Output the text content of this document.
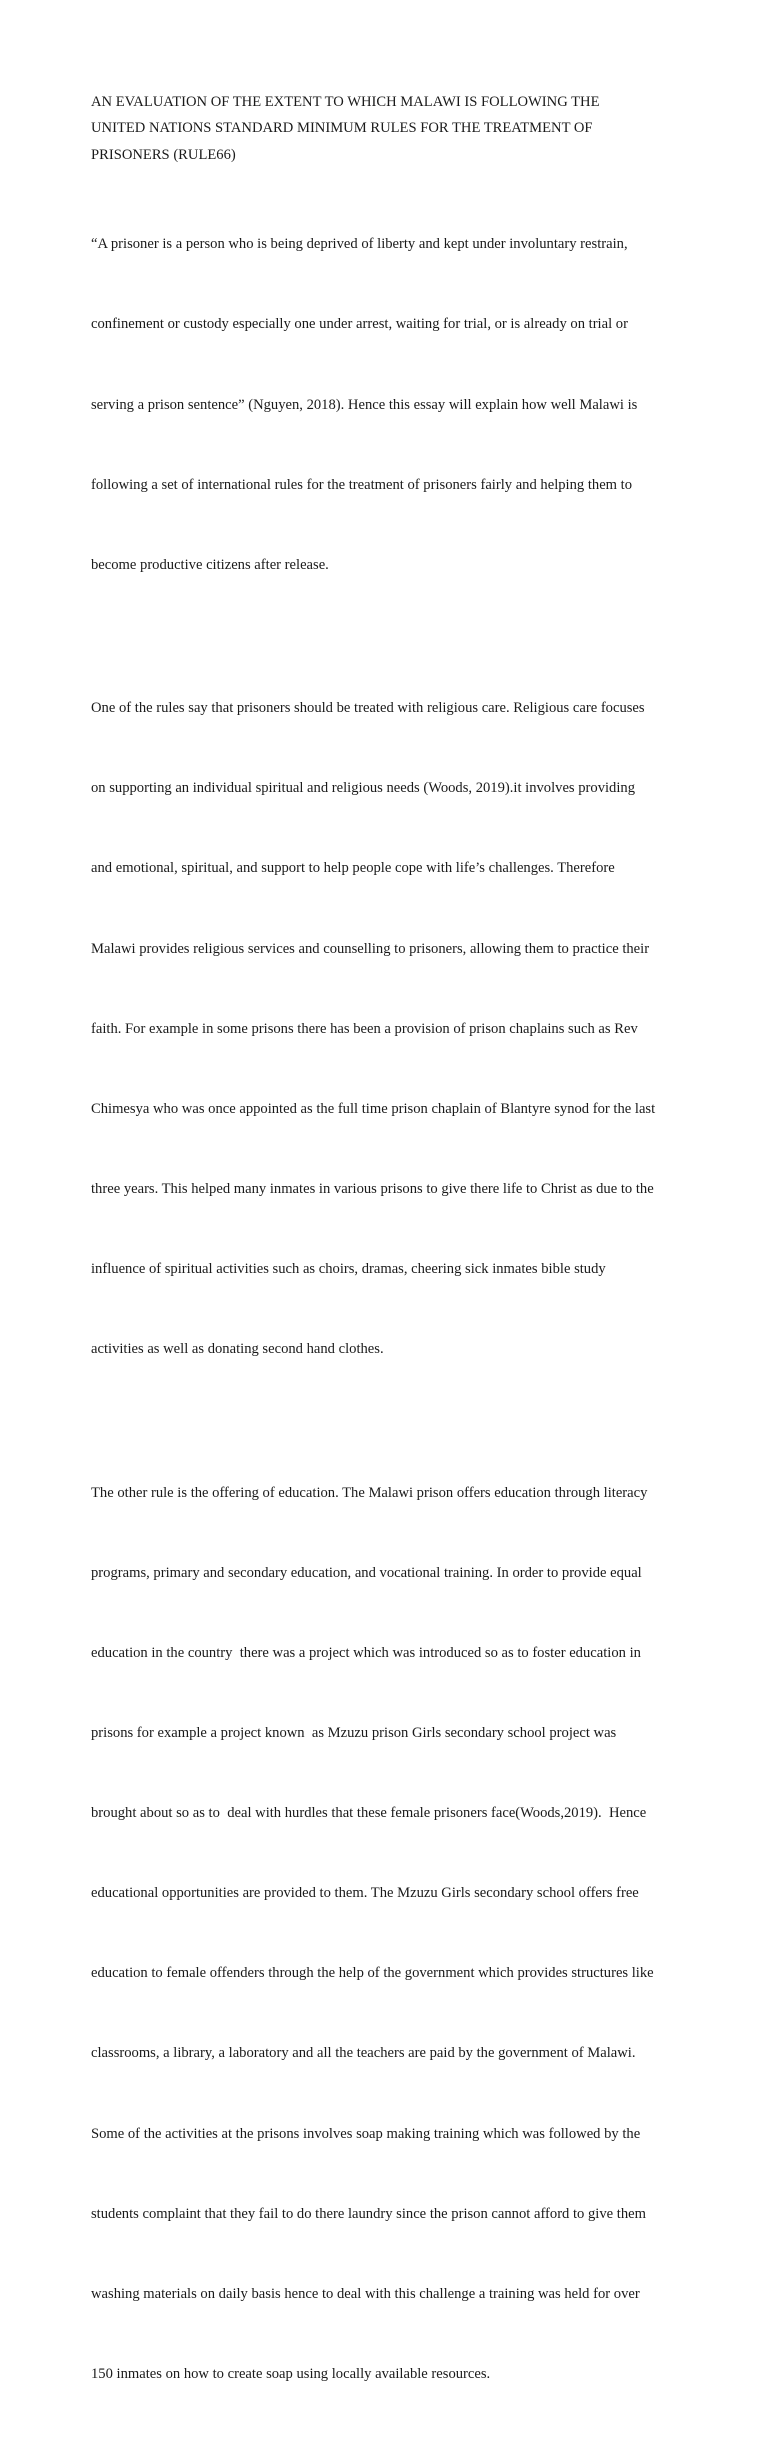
AN EVALUATION OF THE EXTENT TO WHICH MALAWI IS FOLLOWING THE
UNITED NATIONS STANDARD MINIMUM RULES FOR THE TREATMENT OF
PRISONERS (RULE66)

“A prisoner is a person who is being deprived of liberty and kept under involuntary restrain,

confinement or custody especially one under arrest, waiting for trial, or is already on trial or

serving a prison sentence” (Nguyen, 2018). Hence this essay will explain how well Malawi is

following a set of international rules for the treatment of prisoners fairly and helping them to

become productive citizens after release.

One of the rules say that prisoners should be treated with religious care. Religious care focuses

on supporting an individual spiritual and religious needs (Woods, 2019).it involves providing

and emotional, spiritual, and support to help people cope with life’s challenges. Therefore

Malawi provides religious services and counselling to prisoners, allowing them to practice their

faith. For example in some prisons there has been a provision of prison chaplains such as Rev

Chimesya who was once appointed as the full time prison chaplain of Blantyre synod for the last

three years. This helped many inmates in various prisons to give there life to Christ as due to the

influence of spiritual activities such as choirs, dramas, cheering sick inmates bible study

activities as well as donating second hand clothes.

The other rule is the offering of education. The Malawi prison offers education through literacy

programs, primary and secondary education, and vocational training. In order to provide equal

education in the country  there was a project which was introduced so as to foster education in

prisons for example a project known  as Mzuzu prison Girls secondary school project was

brought about so as to  deal with hurdles that these female prisoners face(Woods,2019).  Hence

educational opportunities are provided to them. The Mzuzu Girls secondary school offers free

education to female offenders through the help of the government which provides structures like

classrooms, a library, a laboratory and all the teachers are paid by the government of Malawi.

Some of the activities at the prisons involves soap making training which was followed by the

students complaint that they fail to do there laundry since the prison cannot afford to give them

washing materials on daily basis hence to deal with this challenge a training was held for over

150 inmates on how to create soap using locally available resources.
